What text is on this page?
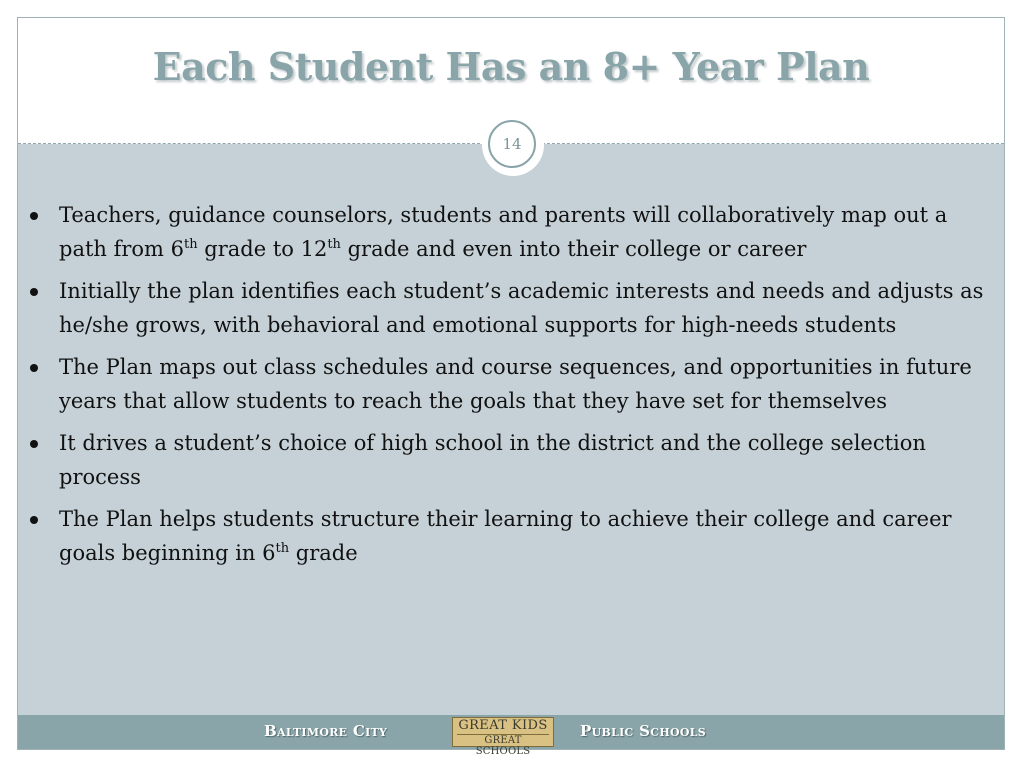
Each Student Has an 8+ Year Plan
14
Teachers, guidance counselors, students and parents will collaboratively map out a path from 6th grade to 12th grade and even into their college or career
Initially the plan identifies each student’s academic interests and needs and adjusts as he/she grows, with behavioral and emotional supports for high-needs students
The Plan maps out class schedules and course sequences, and opportunities in future years that allow students to reach the goals that they have set for themselves
It drives a student’s choice of high school in the district and the college selection process
The Plan helps students structure their learning to achieve their college and career goals beginning in 6th grade
Baltimore City	GREAT KIDS
GREAT SCHOOLS
Public Schools
